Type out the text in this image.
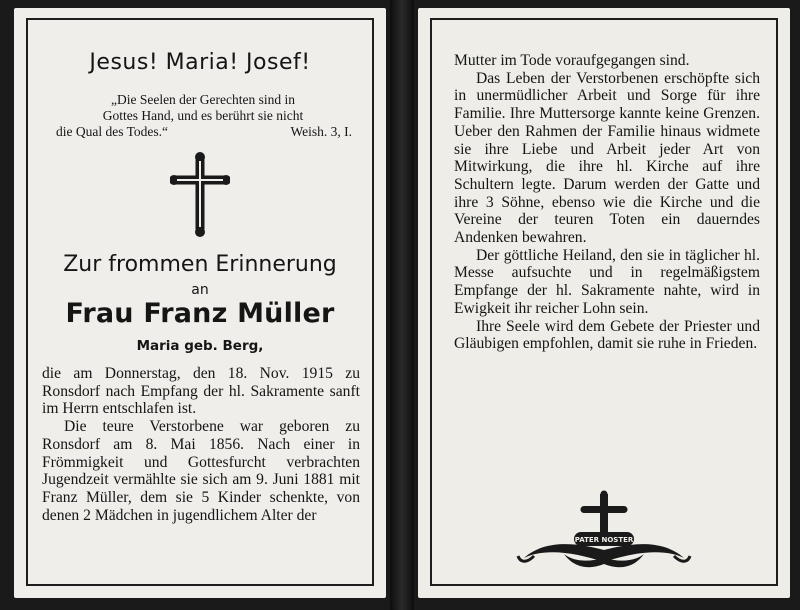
Jesus! Maria! Josef!
„Die Seelen der Gerechten sind in
Gottes Hand, und es berührt sie nicht
die Qual des Todes.“	Weish. 3, I.
Zur frommen Erinnerung
an
Frau Franz Müller
Maria geb. Berg,

die am Donnerstag, den 18. Nov. 1915 zu Ronsdorf nach Empfang der hl. Sakramente sanft im Herrn entschlafen ist.

Die teure Verstorbene war geboren zu Ronsdorf am 8. Mai 1856. Nach einer in Frömmigkeit und Gottesfurcht verbrachten Jugendzeit vermählte sie sich am 9. Juni 1881 mit Franz Müller, dem sie 5 Kinder schenkte, von denen 2 Mädchen in jugendlichem Alter der

Mutter im Tode voraufgegangen sind.

Das Leben der Verstorbenen erschöpfte sich in unermüdlicher Arbeit und Sorge für ihre Familie. Ihre Muttersorge kannte keine Grenzen. Ueber den Rahmen der Familie hinaus widmete sie ihre Liebe und Arbeit jeder Art von Mitwirkung, die ihre hl. Kirche auf ihre Schultern legte. Darum werden der Gatte und ihre 3 Söhne, ebenso wie die Kirche und die Vereine der teuren Toten ein dauerndes Andenken bewahren.

Der göttliche Heiland, den sie in täglicher hl. Messe aufsuchte und in regelmäßigstem Empfange der hl. Sakramente nahte, wird in Ewigkeit ihr reicher Lohn sein.

Ihre Seele wird dem Gebete der Priester und Gläubigen empfohlen, damit sie ruhe in Frieden.

PATER NOSTER
